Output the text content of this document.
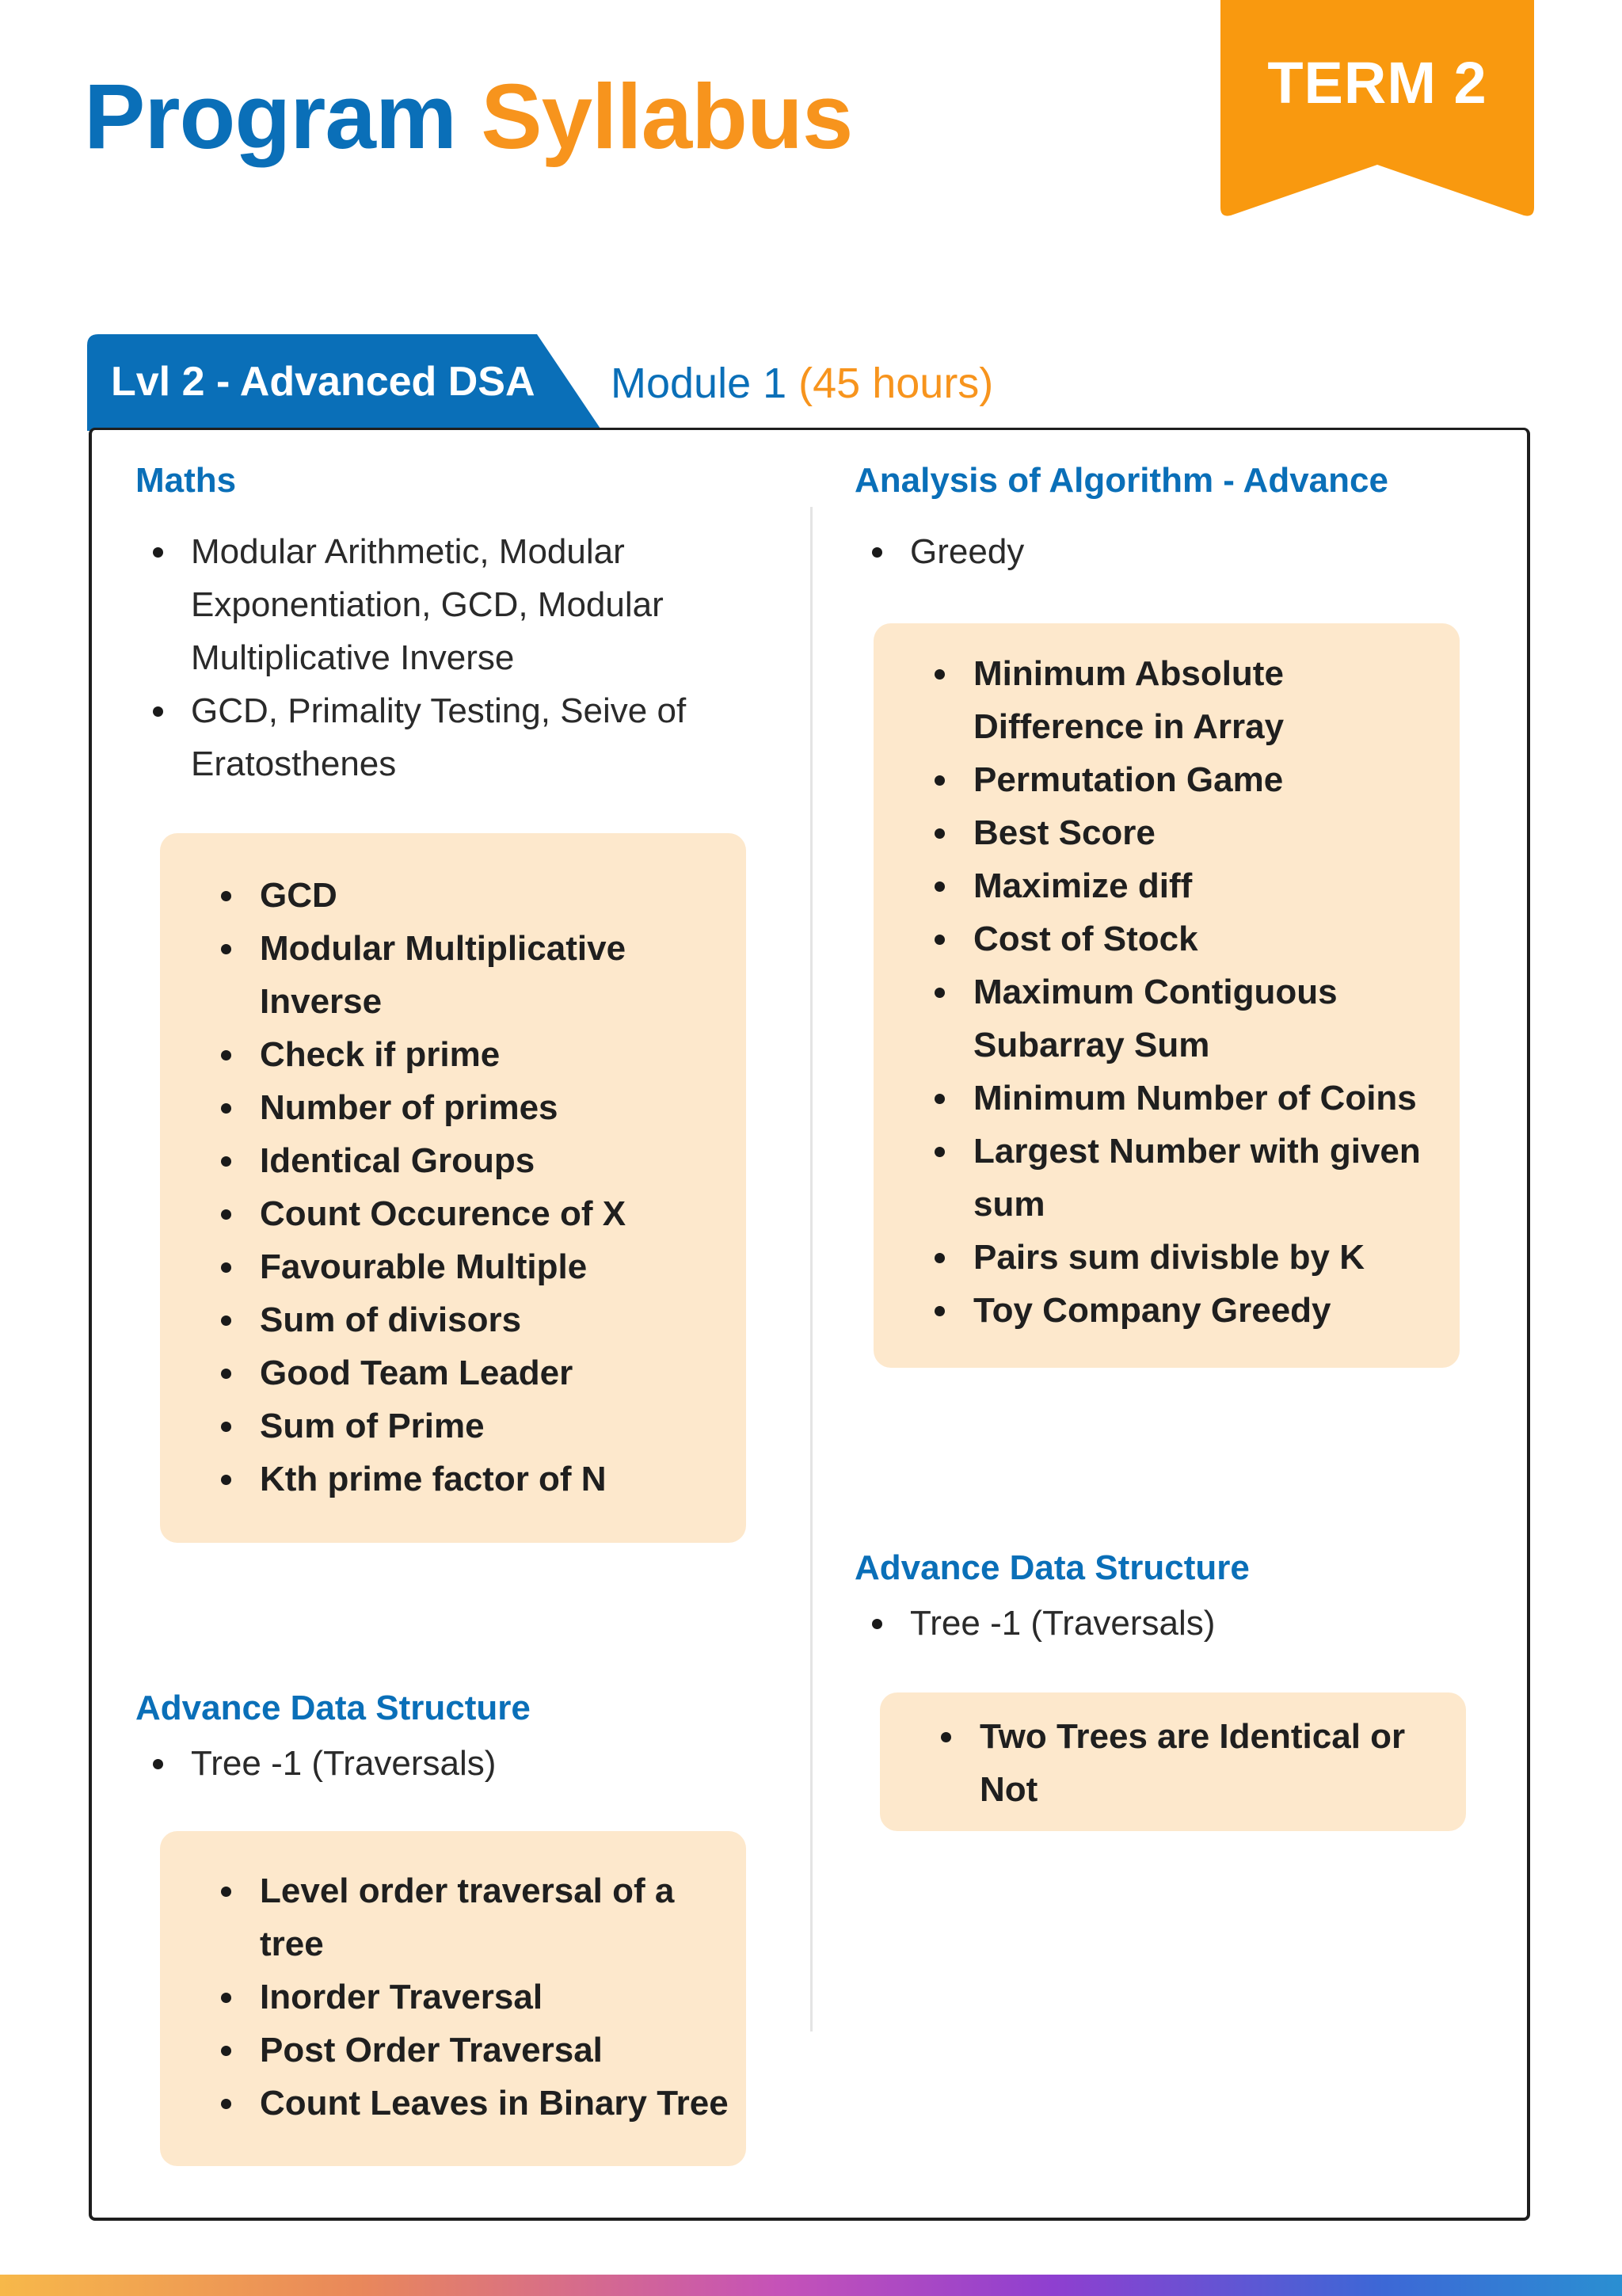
Program Syllabus	TERM 2
Lvl 2 - Advanced DSA Module 1 (45 hours)
Maths
Modular Arithmetic, Modular
Exponentiation, GCD, Modular
Multiplicative Inverse
GCD, Primality Testing, Seive of
Eratosthenes
GCD
Modular Multiplicative
Inverse
Check if prime
Number of primes
Identical Groups
Count Occurence of X
Favourable Multiple
Sum of divisors
Good Team Leader
Sum of Prime
Kth prime factor of N
Advance Data Structure
Tree -1 (Traversals)
Level order traversal of a
tree
Inorder Traversal
Post Order Traversal
Count Leaves in Binary Tree
Analysis of Algorithm - Advance
Greedy
Minimum Absolute
Difference in Array
Permutation Game
Best Score
Maximize diff
Cost of Stock
Maximum Contiguous
Subarray Sum
Minimum Number of Coins
Largest Number with given
sum
Pairs sum divisble by K
Toy Company Greedy
Advance Data Structure
Tree -1 (Traversals)
Two Trees are Identical or
Not
